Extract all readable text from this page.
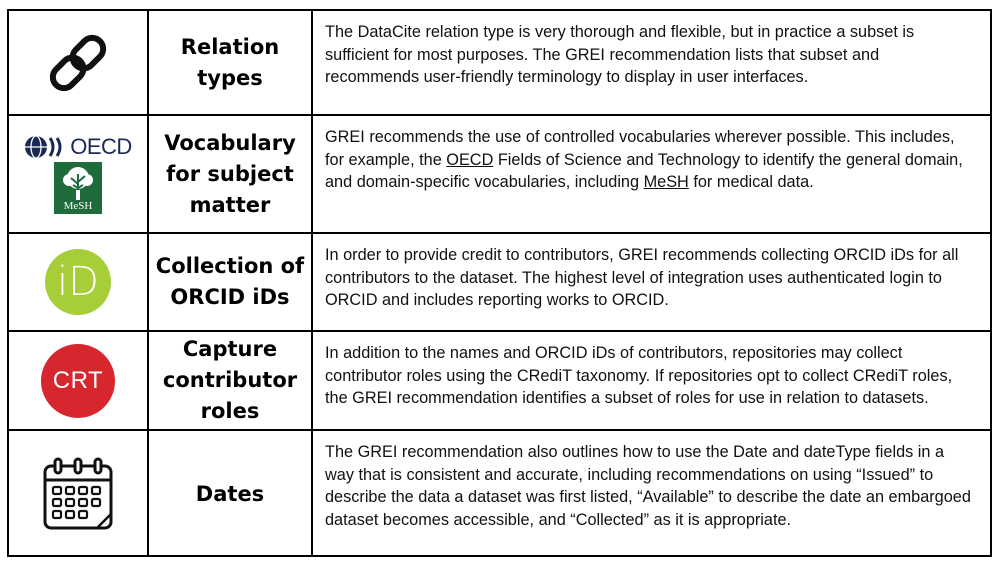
Relation
types
The DataCite relation type is very thorough and flexible, but in practice a subset is sufficient for most purposes. The GREI recommendation lists that subset and recommends user-friendly terminology to display in user interfaces.
OECD
MeSH
Vocabulary
for subject
matter
GREI recommends the use of controlled vocabularies wherever possible. This includes, for example, the OECD Fields of Science and Technology to identify the general domain, and domain-specific vocabularies, including MeSH for medical data.
iD	Collection of
ORCID iDs
In order to provide credit to contributors, GREI recommends collecting ORCID iDs for all contributors to the dataset. The highest level of integration uses authenticated login to ORCID and includes reporting works to ORCID.
CRT
Capture
contributor
roles
In addition to the names and ORCID iDs of contributors, repositories may collect contributor roles using the CRediT taxonomy. If repositories opt to collect CRediT roles, the GREI recommendation identifies a subset of roles for use in relation to datasets.
Dates
The GREI recommendation also outlines how to use the Date and dateType fields in a way that is consistent and accurate, including recommendations on using “Issued” to describe the data a dataset was first listed, “Available” to describe the date an embargoed dataset becomes accessible, and “Collected” as it is appropriate.
